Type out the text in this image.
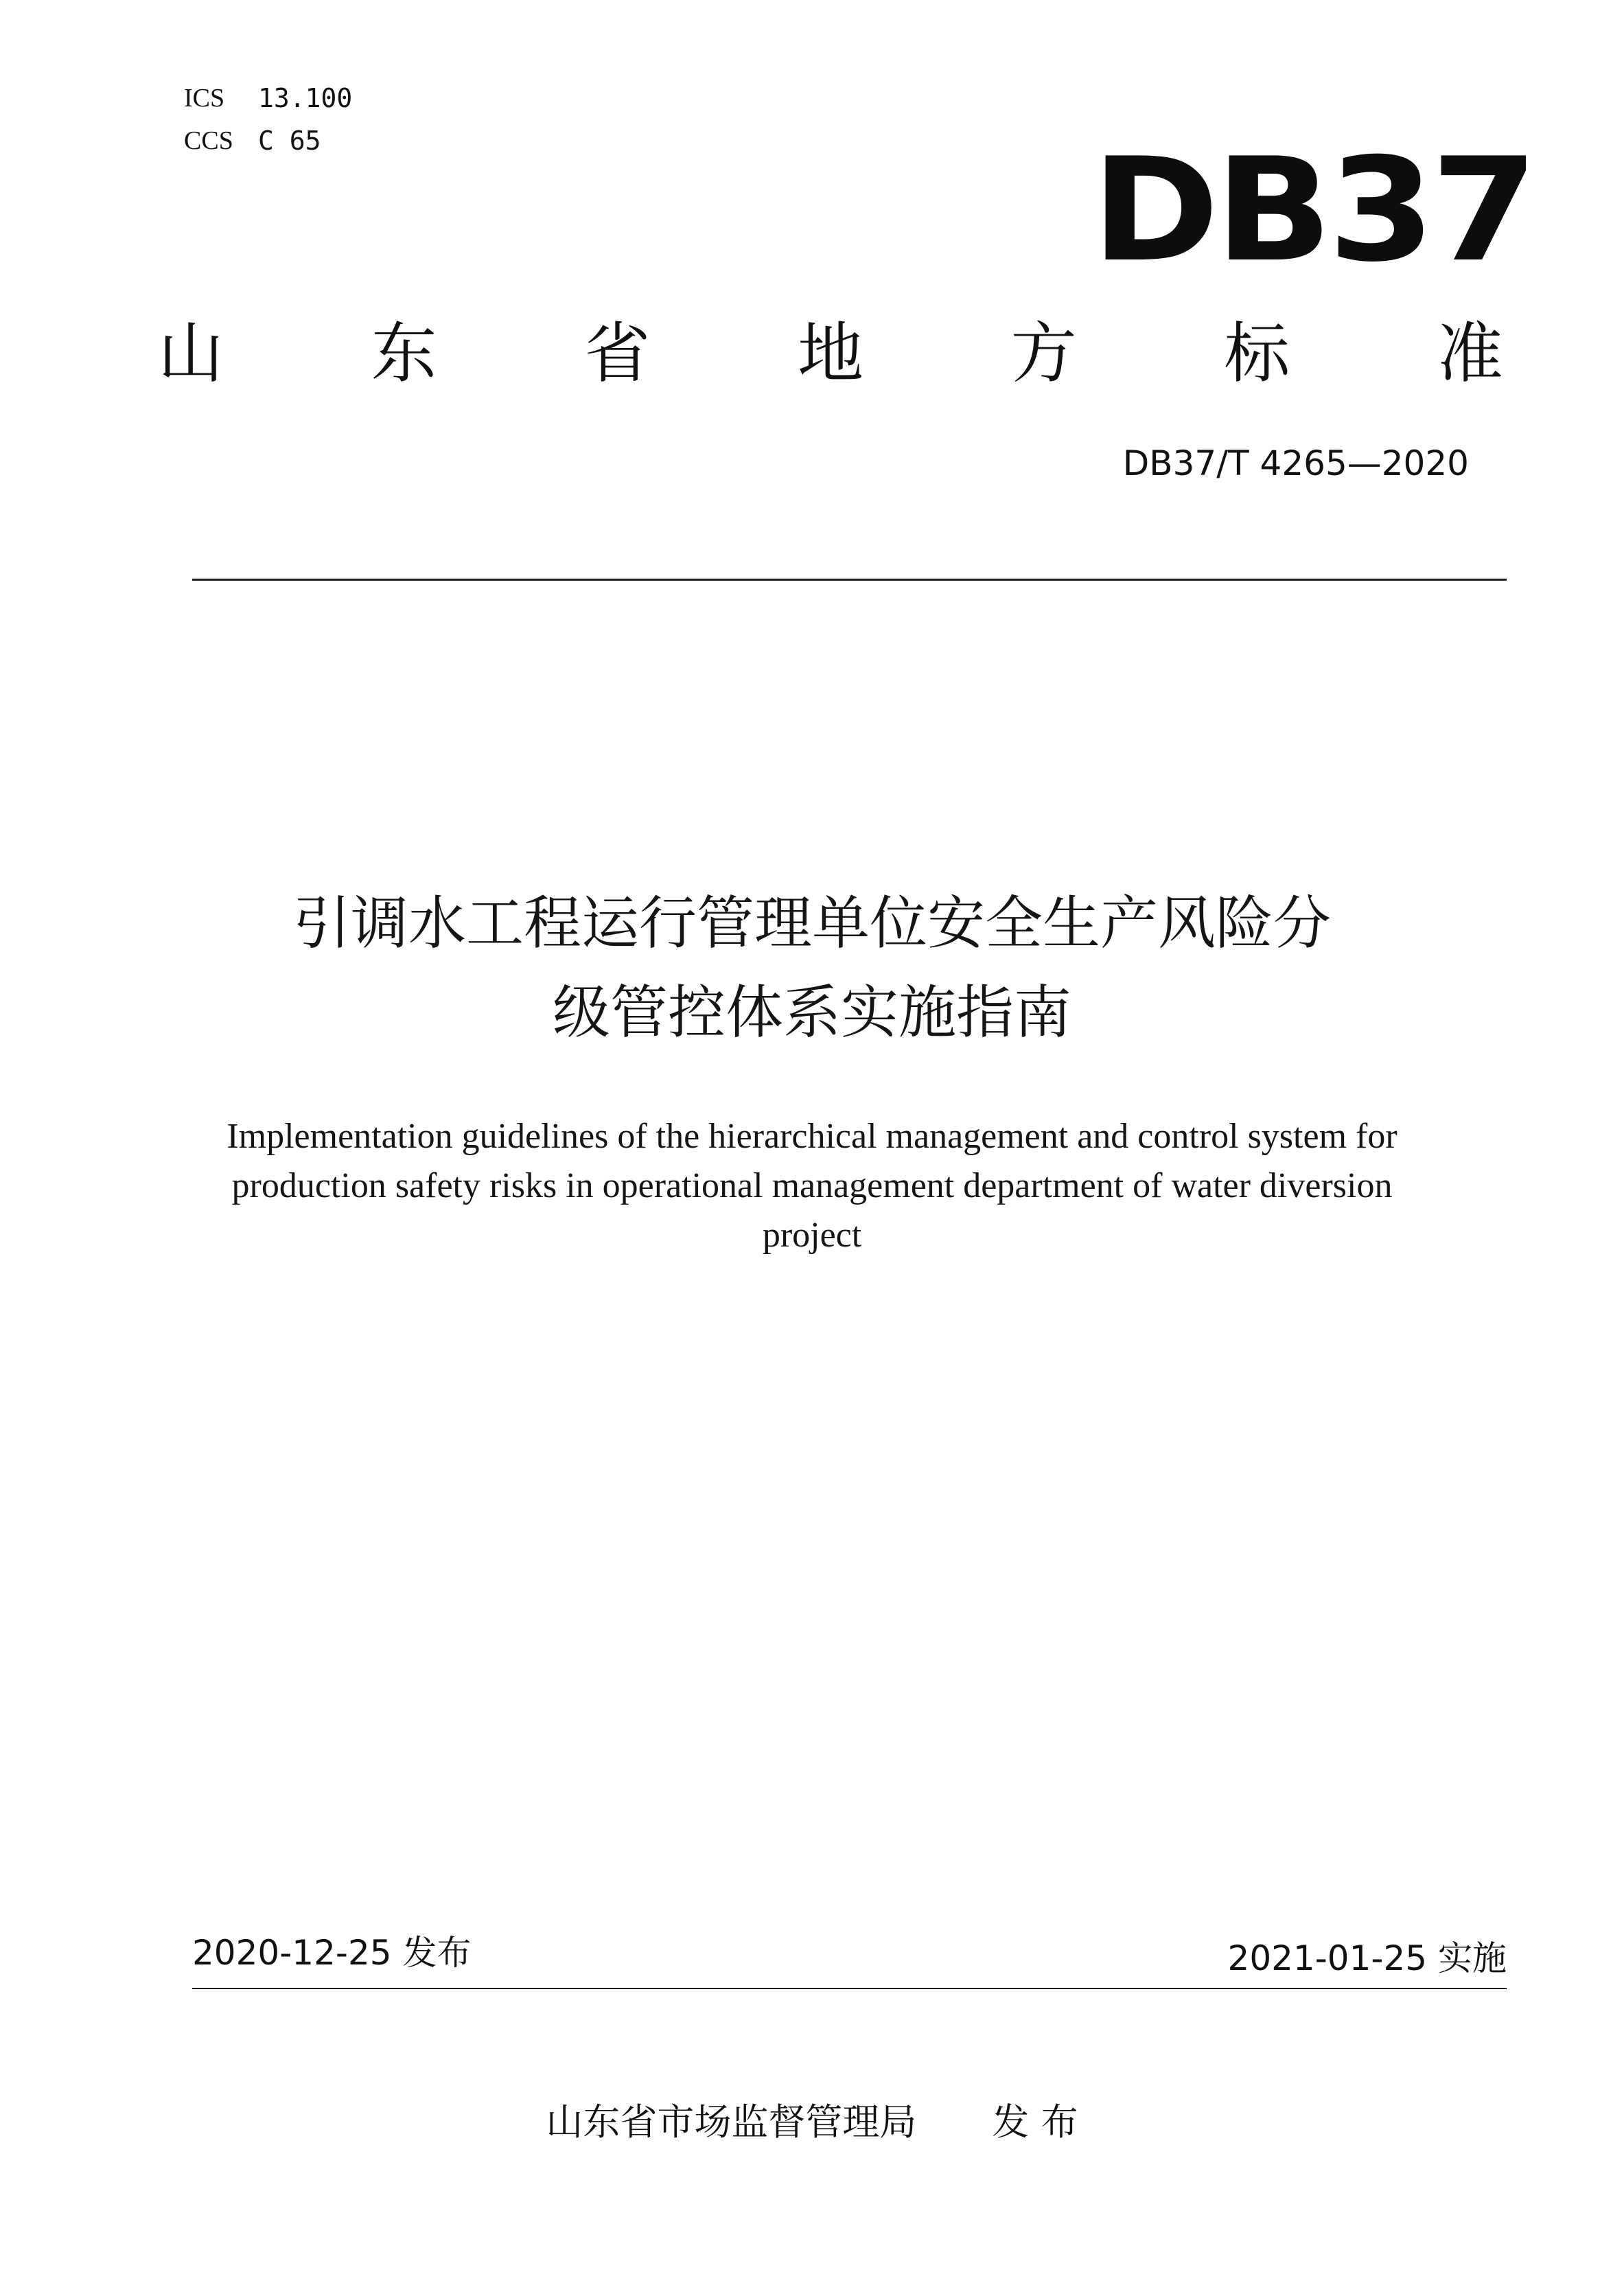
ICS	13.100
CCS C 65	DB37
山 东 省 地 方 标 准
DB37/T 4265—2020
引调水工程运行管理单位安全生产风险分
级管控体系实施指南
Implementation guidelines of the hierarchical management and control system for
production safety risks in operational management department of water diversion
project
2020-12-25 发布	2021-01-25 实施
山东省市场监督管理局 发 布
